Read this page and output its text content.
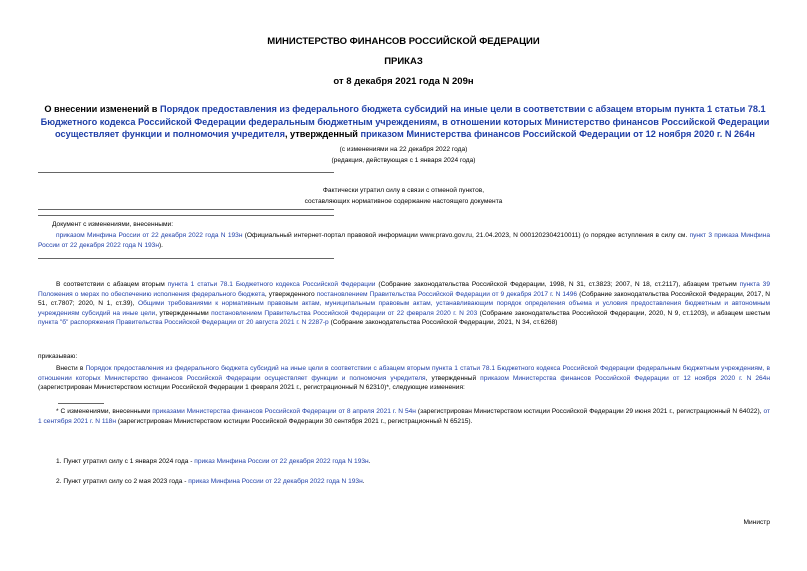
МИНИСТЕРСТВО ФИНАНСОВ РОССИЙСКОЙ ФЕДЕРАЦИИ
ПРИКАЗ
от 8 декабря 2021 года N 209н
О внесении изменений в Порядок предоставления из федерального бюджета субсидий на иные цели в соответствии с абзацем вторым пункта 1 статьи 78.1 Бюджетного кодекса Российской Федерации федеральным бюджетным учреждениям, в отношении которых Министерство финансов Российской Федерации осуществляет функции и полномочия учредителя, утвержденный приказом Министерства финансов Российской Федерации от 12 ноября 2020 г. N 264н
(с изменениями на 22 декабря 2022 года)
(редакция, действующая с 1 января 2024 года)
Фактически утратил силу в связи с отменой пунктов,
составляющих нормативное содержание настоящего документа
Документ с изменениями, внесенными:
приказом Минфина России от 22 декабря 2022 года N 193н (Официальный интернет-портал правовой информации www.pravo.gov.ru, 21.04.2023, N 0001202304210011) (о порядке вступления в силу см. пункт 3 приказа Минфина России от 22 декабря 2022 года N 193н).
В соответствии с абзацем вторым пункта 1 статьи 78.1 Бюджетного кодекса Российской Федерации (Собрание законодательства Российской Федерации, 1998, N 31, ст.3823; 2007, N 18, ст.2117), абзацем третьим пункта 39 Положения о мерах по обеспечению исполнения федерального бюджета, утвержденного постановлением Правительства Российской Федерации от 9 декабря 2017 г. N 1496 (Собрание законодательства Российской Федерации, 2017, N 51, ст.7807; 2020, N 1, ст.39), Общими требованиями к нормативным правовым актам, муниципальным правовым актам, устанавливающим порядок определения объема и условия предоставления бюджетным и автономным учреждениям субсидий на иные цели, утвержденными постановлением Правительства Российской Федерации от 22 февраля 2020 г. N 203 (Собрание законодательства Российской Федерации, 2020, N 9, ст.1203), и абзацем шестым пункта "б" распоряжения Правительства Российской Федерации от 20 августа 2021 г. N 2287-р (Собрание законодательства Российской Федерации, 2021, N 34, ст.6268)
приказываю:
Внести в Порядок предоставления из федерального бюджета субсидий на иные цели в соответствии с абзацем вторым пункта 1 статьи 78.1 Бюджетного кодекса Российской Федерации федеральным бюджетным учреждениям, в отношении которых Министерство финансов Российской Федерации осуществляет функции и полномочия учредителя, утвержденный приказом Министерства финансов Российской Федерации от 12 ноября 2020 г. N 264н (зарегистрирован Министерством юстиции Российской Федерации 1 февраля 2021 г., регистрационный N 62310)*, следующие изменения:
* С изменениями, внесенными приказами Министерства финансов Российской Федерации от 8 апреля 2021 г. N 54н (зарегистрирован Министерством юстиции Российской Федерации 29 июня 2021 г., регистрационный N 64022), от 1 сентября 2021 г. N 118н (зарегистрирован Министерством юстиции Российской Федерации 30 сентября 2021 г., регистрационный N 65215).
1. Пункт утратил силу с 1 января 2024 года - приказ Минфина России от 22 декабря 2022 года N 193н.
2. Пункт утратил силу со 2 мая 2023 года - приказ Минфина России от 22 декабря 2022 года N 193н.
Министр
